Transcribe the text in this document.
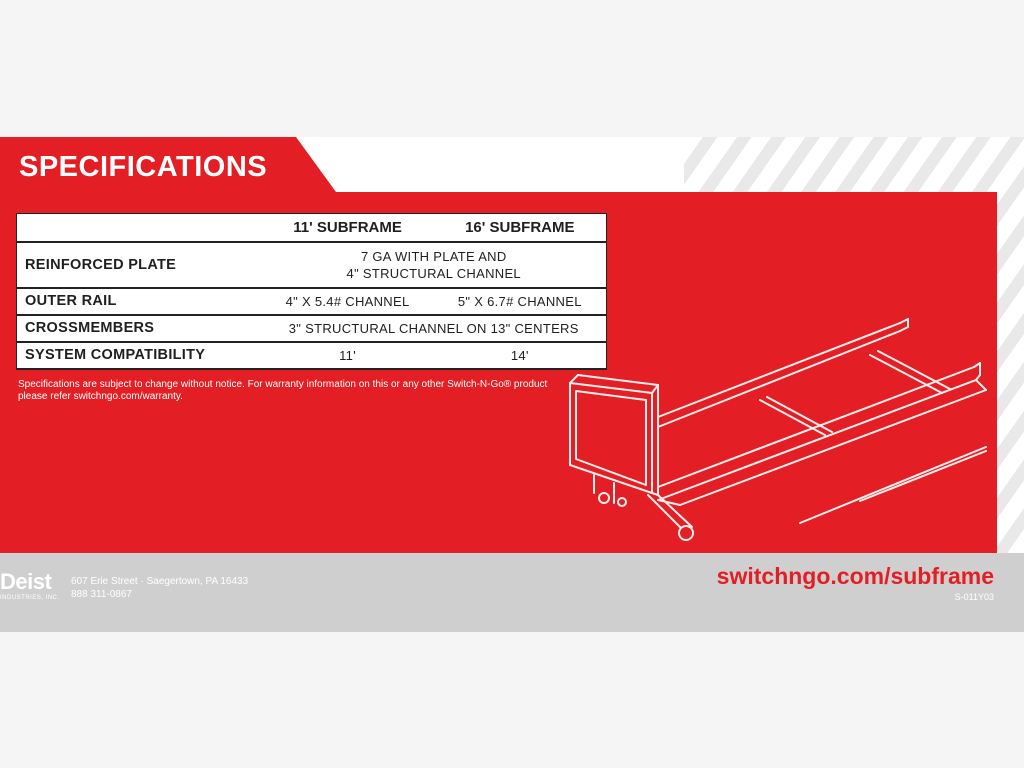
SPECIFICATIONS
	11' SUBFRAME	16' SUBFRAME
REINFORCED PLATE	7 GA WITH PLATE AND
4" STRUCTURAL CHANNEL	

OUTER RAIL	4" X 5.4# CHANNEL	5" X 6.7# CHANNEL
CROSSMEMBERS	3" STRUCTURAL CHANNEL ON 13" CENTERS	
SYSTEM COMPATIBILITY	11'	14'
Specifications are subject to change without notice. For warranty information on this or any other Switch-N-Go® product please refer switchngo.com/warranty.
Deist
INDUSTRIES, INC.
607 Erie Street · Saegertown, PA 16433
888 311-0867
switchngo.com/subframe
S-011Y03
